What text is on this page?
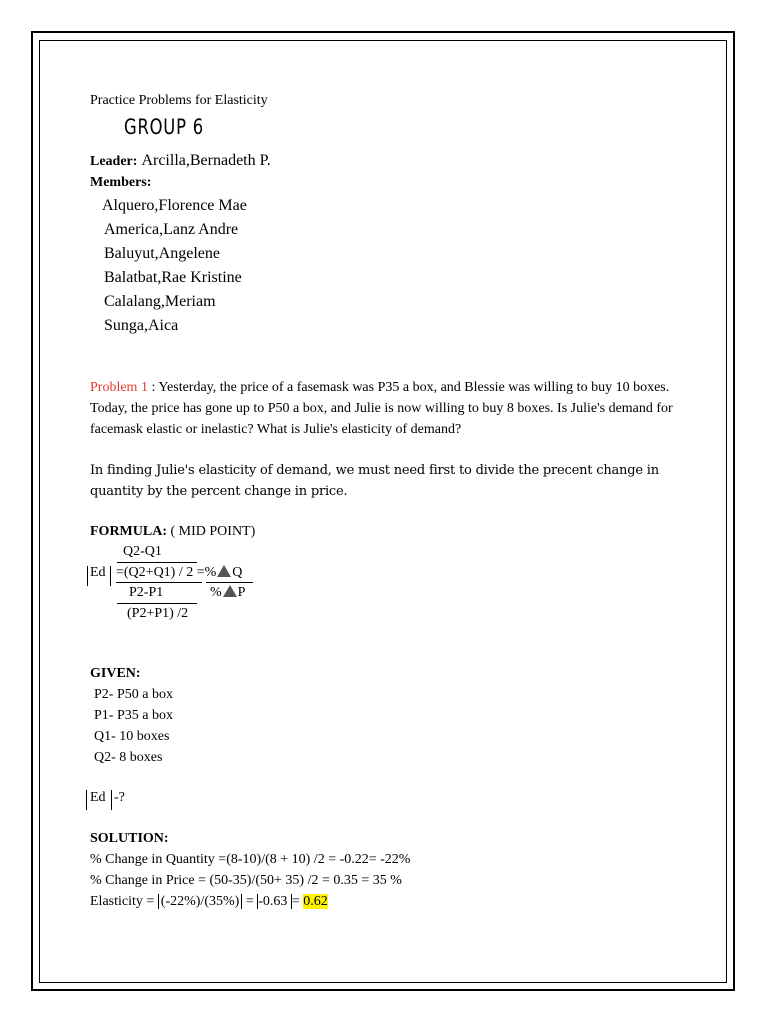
Practice Problems for Elasticity
GROUP 6
Leader: Arcilla,Bernadeth P.
Members:
Alquero,Florence Mae
America,Lanz Andre
Baluyut,Angelene
Balatbat,Rae Kristine
Calalang,Meriam
Sunga,Aica
Problem 1 : Yesterday, the price of a fasemask was P35 a box, and Blessie was willing to buy 10 boxes. Today, the price has gone up to P50 a box, and Julie is now willing to buy 8 boxes. Is Julie's demand for facemask elastic or inelastic? What is Julie's elasticity of demand?
In finding Julie's elasticity of demand, we must need first to divide the precent change in quantity by the percent change in price.
FORMULA: ( MID POINT)
Q2-Q1
Ed =(Q2+Q1) / 2 =% Q
P2-P1	% P
(P2+P1) /2
GIVEN:
P2- P50 a box
P1- P35 a box
Q1- 10 boxes
Q2- 8 boxes
Ed -?
SOLUTION:
% Change in Quantity =(8-10)/(8 + 10) /2 = -0.22= -22%
% Change in Price = (50-35)/(50+ 35) /2 = 0.35 = 35 %
Elasticity = (-22%)/(35%) = -0.63 = 0.62
